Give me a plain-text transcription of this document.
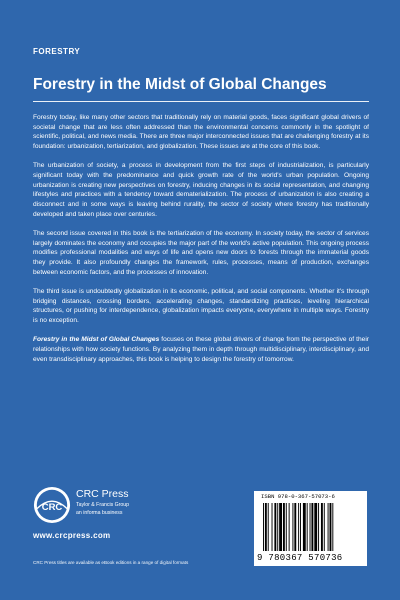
FORESTRY
Forestry in the Midst of Global Changes

Forestry today, like many other sectors that traditionally rely on material goods, faces significant global drivers of societal change that are less often addressed than the environmental concerns commonly in the spotlight of scientific, political, and news media. There are three major interconnected issues that are challenging forestry at its foundation: urbanization, tertiarization, and globalization. These issues are at the core of this book.

The urbanization of society, a process in development from the first steps of industrialization, is particularly significant today with the predominance and quick growth rate of the world's urban population. Ongoing urbanization is creating new perspectives on forestry, inducing changes in its social representation, and changing lifestyles and practices with a tendency toward dematerialization. The process of urbanization is also creating a disconnect and in some ways is leaving behind rurality, the sector of society where forestry has traditionally developed and taken place over centuries.

The second issue covered in this book is the tertiarization of the economy. In society today, the sector of services largely dominates the economy and occupies the major part of the world's active population. This ongoing process modifies professional modalities and ways of life and opens new doors to forests through the immaterial goods they provide. It also profoundly changes the framework, rules, processes, means of production, exchanges between economic factors, and the processes of innovation.

The third issue is undoubtedly globalization in its economic, political, and social components. Whether it's through bridging distances, crossing borders, accelerating changes, standardizing practices, leveling hierarchical structures, or pushing for interdependence, globalization impacts everyone, everywhere in multiple ways. Forestry is no exception.

Forestry in the Midst of Global Changes focuses on these global drivers of change from the perspective of their relationships with how society functions. By analyzing them in depth through multidisciplinary, interdisciplinary, and even transdisciplinary approaches, this book is helping to design the forestry of tomorrow.

CRC
CRC Press
Taylor & Francis Group
an informa business
www.crcpress.com
CRC Press titles are available as eBook editions in a range of digital formats
ISBN 978-0-367-57073-6
9 780367 570736
